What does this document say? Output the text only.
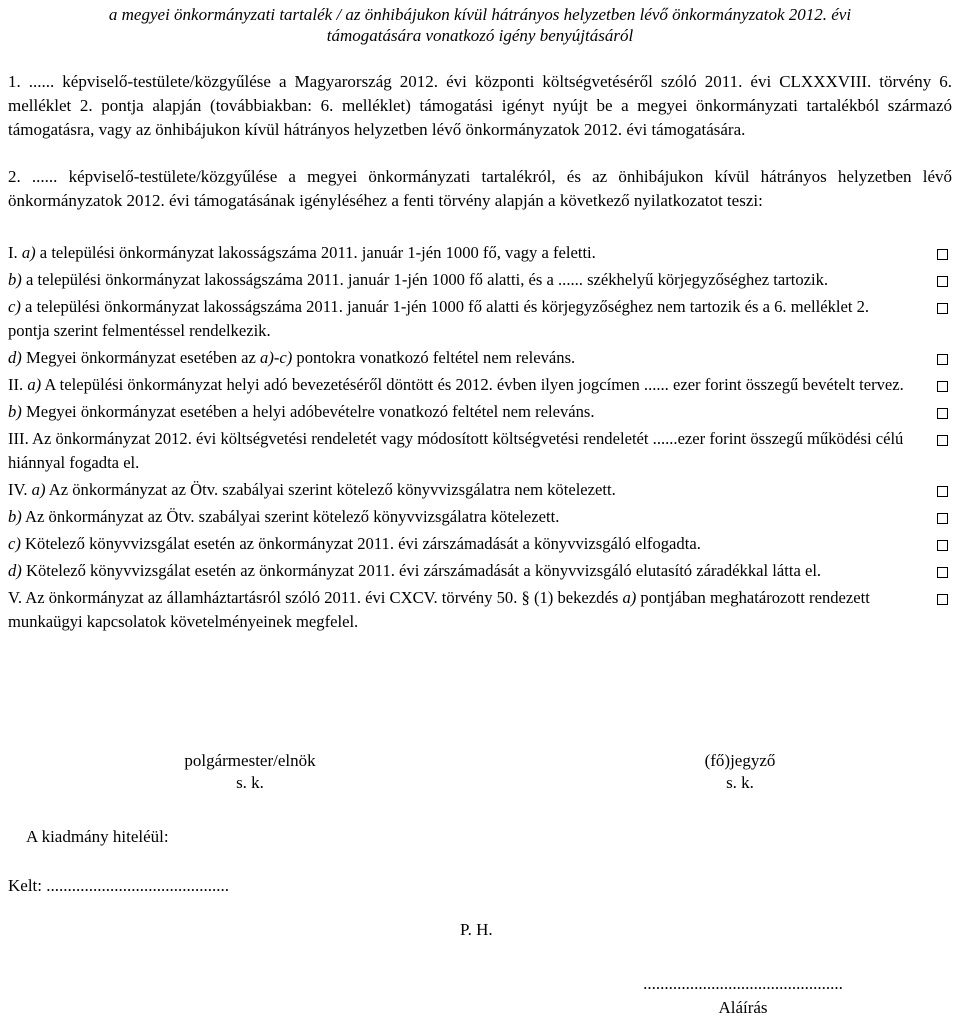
a megyei önkormányzati tartalék / az önhibájukon kívül hátrányos helyzetben lévő önkormányzatok 2012. évi
támogatására vonatkozó igény benyújtásáról
1. ...... képviselő-testülete/közgyűlése a Magyarország 2012. évi központi költségvetéséről szóló 2011. évi CLXXXVIII. törvény 6. melléklet 2. pontja alapján (továbbiakban: 6. melléklet) támogatási igényt nyújt be a megyei önkormányzati tartalékból származó támogatásra, vagy az önhibájukon kívül hátrányos helyzetben lévő önkormányzatok 2012. évi támogatására.
2. ...... képviselő-testülete/közgyűlése a megyei önkormányzati tartalékról, és az önhibájukon kívül hátrányos helyzetben lévő önkormányzatok 2012. évi támogatásának igényléséhez a fenti törvény alapján a következő nyilatkozatot teszi:
I. a) a települési önkormányzat lakosságszáma 2011. január 1-jén 1000 fő, vagy a feletti.
b) a települési önkormányzat lakosságszáma 2011. január 1-jén 1000 fő alatti, és a ...... székhelyű körjegyzőséghez tartozik.
c) a települési önkormányzat lakosságszáma 2011. január 1-jén 1000 fő alatti és körjegyzőséghez nem tartozik és a 6. melléklet 2. pontja szerint felmentéssel rendelkezik.
d) Megyei önkormányzat esetében az a)-c) pontokra vonatkozó feltétel nem releváns.
II. a) A települési önkormányzat helyi adó bevezetéséről döntött és 2012. évben ilyen jogcímen ...... ezer forint összegű bevételt tervez.
b) Megyei önkormányzat esetében a helyi adóbevételre vonatkozó feltétel nem releváns.
III. Az önkormányzat 2012. évi költségvetési rendeletét vagy módosított költségvetési rendeletét ......ezer forint összegű működési célú hiánnyal fogadta el.
IV. a) Az önkormányzat az Ötv. szabályai szerint kötelező könyvvizsgálatra nem kötelezett.
b) Az önkormányzat az Ötv. szabályai szerint kötelező könyvvizsgálatra kötelezett.
c) Kötelező könyvvizsgálat esetén az önkormányzat 2011. évi zárszámadását a könyvvizsgáló elfogadta.
d) Kötelező könyvvizsgálat esetén az önkormányzat 2011. évi zárszámadását a könyvvizsgáló elutasító záradékkal látta el.
V. Az önkormányzat az államháztartásról szóló 2011. évi CXCV. törvény 50. § (1) bekezdés a) pontjában meghatározott rendezett munkaügyi kapcsolatok követelményeinek megfelel.
polgármester/elnök
s. k.
(fő)jegyző
s. k.
A kiadmány hiteléül:
Kelt: ...........................................
P. H.
...............................................
Aláírás
